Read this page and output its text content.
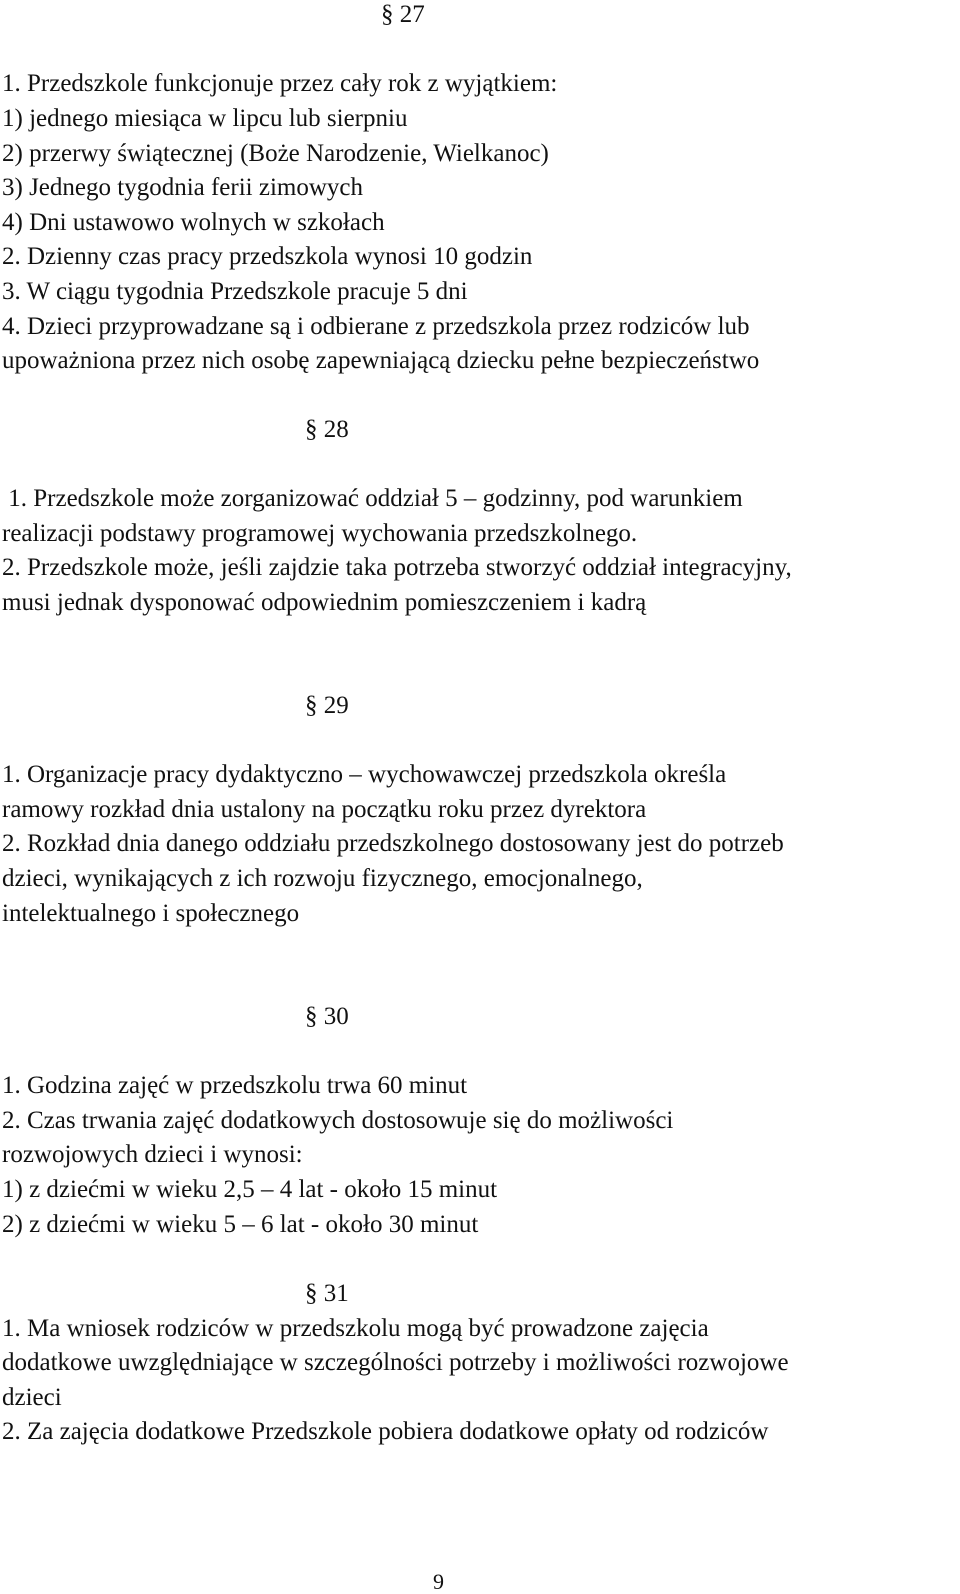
§ 27
1. Przedszkole funkcjonuje przez cały rok z wyjątkiem:
1) jednego miesiąca w lipcu lub sierpniu
2) przerwy świątecznej (Boże Narodzenie, Wielkanoc)
3) Jednego tygodnia ferii zimowych
4) Dni ustawowo wolnych w szkołach
2. Dzienny czas pracy przedszkola wynosi 10 godzin
3. W ciągu tygodnia Przedszkole pracuje 5 dni
4. Dzieci przyprowadzane są i odbierane z przedszkola przez rodziców lub
upoważniona przez nich osobę zapewniającą dziecku pełne bezpieczeństwo
§ 28
1. Przedszkole może zorganizować oddział 5 – godzinny, pod warunkiem
realizacji podstawy programowej wychowania przedszkolnego.
2. Przedszkole może, jeśli zajdzie taka potrzeba stworzyć oddział integracyjny,
musi jednak dysponować odpowiednim pomieszczeniem i kadrą
§ 29
1. Organizacje pracy dydaktyczno – wychowawczej przedszkola określa
ramowy rozkład dnia ustalony na początku roku przez dyrektora
2. Rozkład dnia danego oddziału przedszkolnego dostosowany jest do potrzeb
dzieci, wynikających z ich rozwoju fizycznego, emocjonalnego,
intelektualnego i społecznego
§ 30
1. Godzina zajęć w przedszkolu trwa 60 minut
2. Czas trwania zajęć dodatkowych dostosowuje się do możliwości
rozwojowych dzieci i wynosi:
1) z dziećmi w wieku 2,5 – 4 lat - około 15 minut
2) z dziećmi w wieku 5 – 6 lat - około 30 minut
§ 31
1. Ma wniosek rodziców w przedszkolu mogą być prowadzone zajęcia
dodatkowe uwzględniające w szczególności potrzeby i możliwości rozwojowe
dzieci
2. Za zajęcia dodatkowe Przedszkole pobiera dodatkowe opłaty od rodziców
9
